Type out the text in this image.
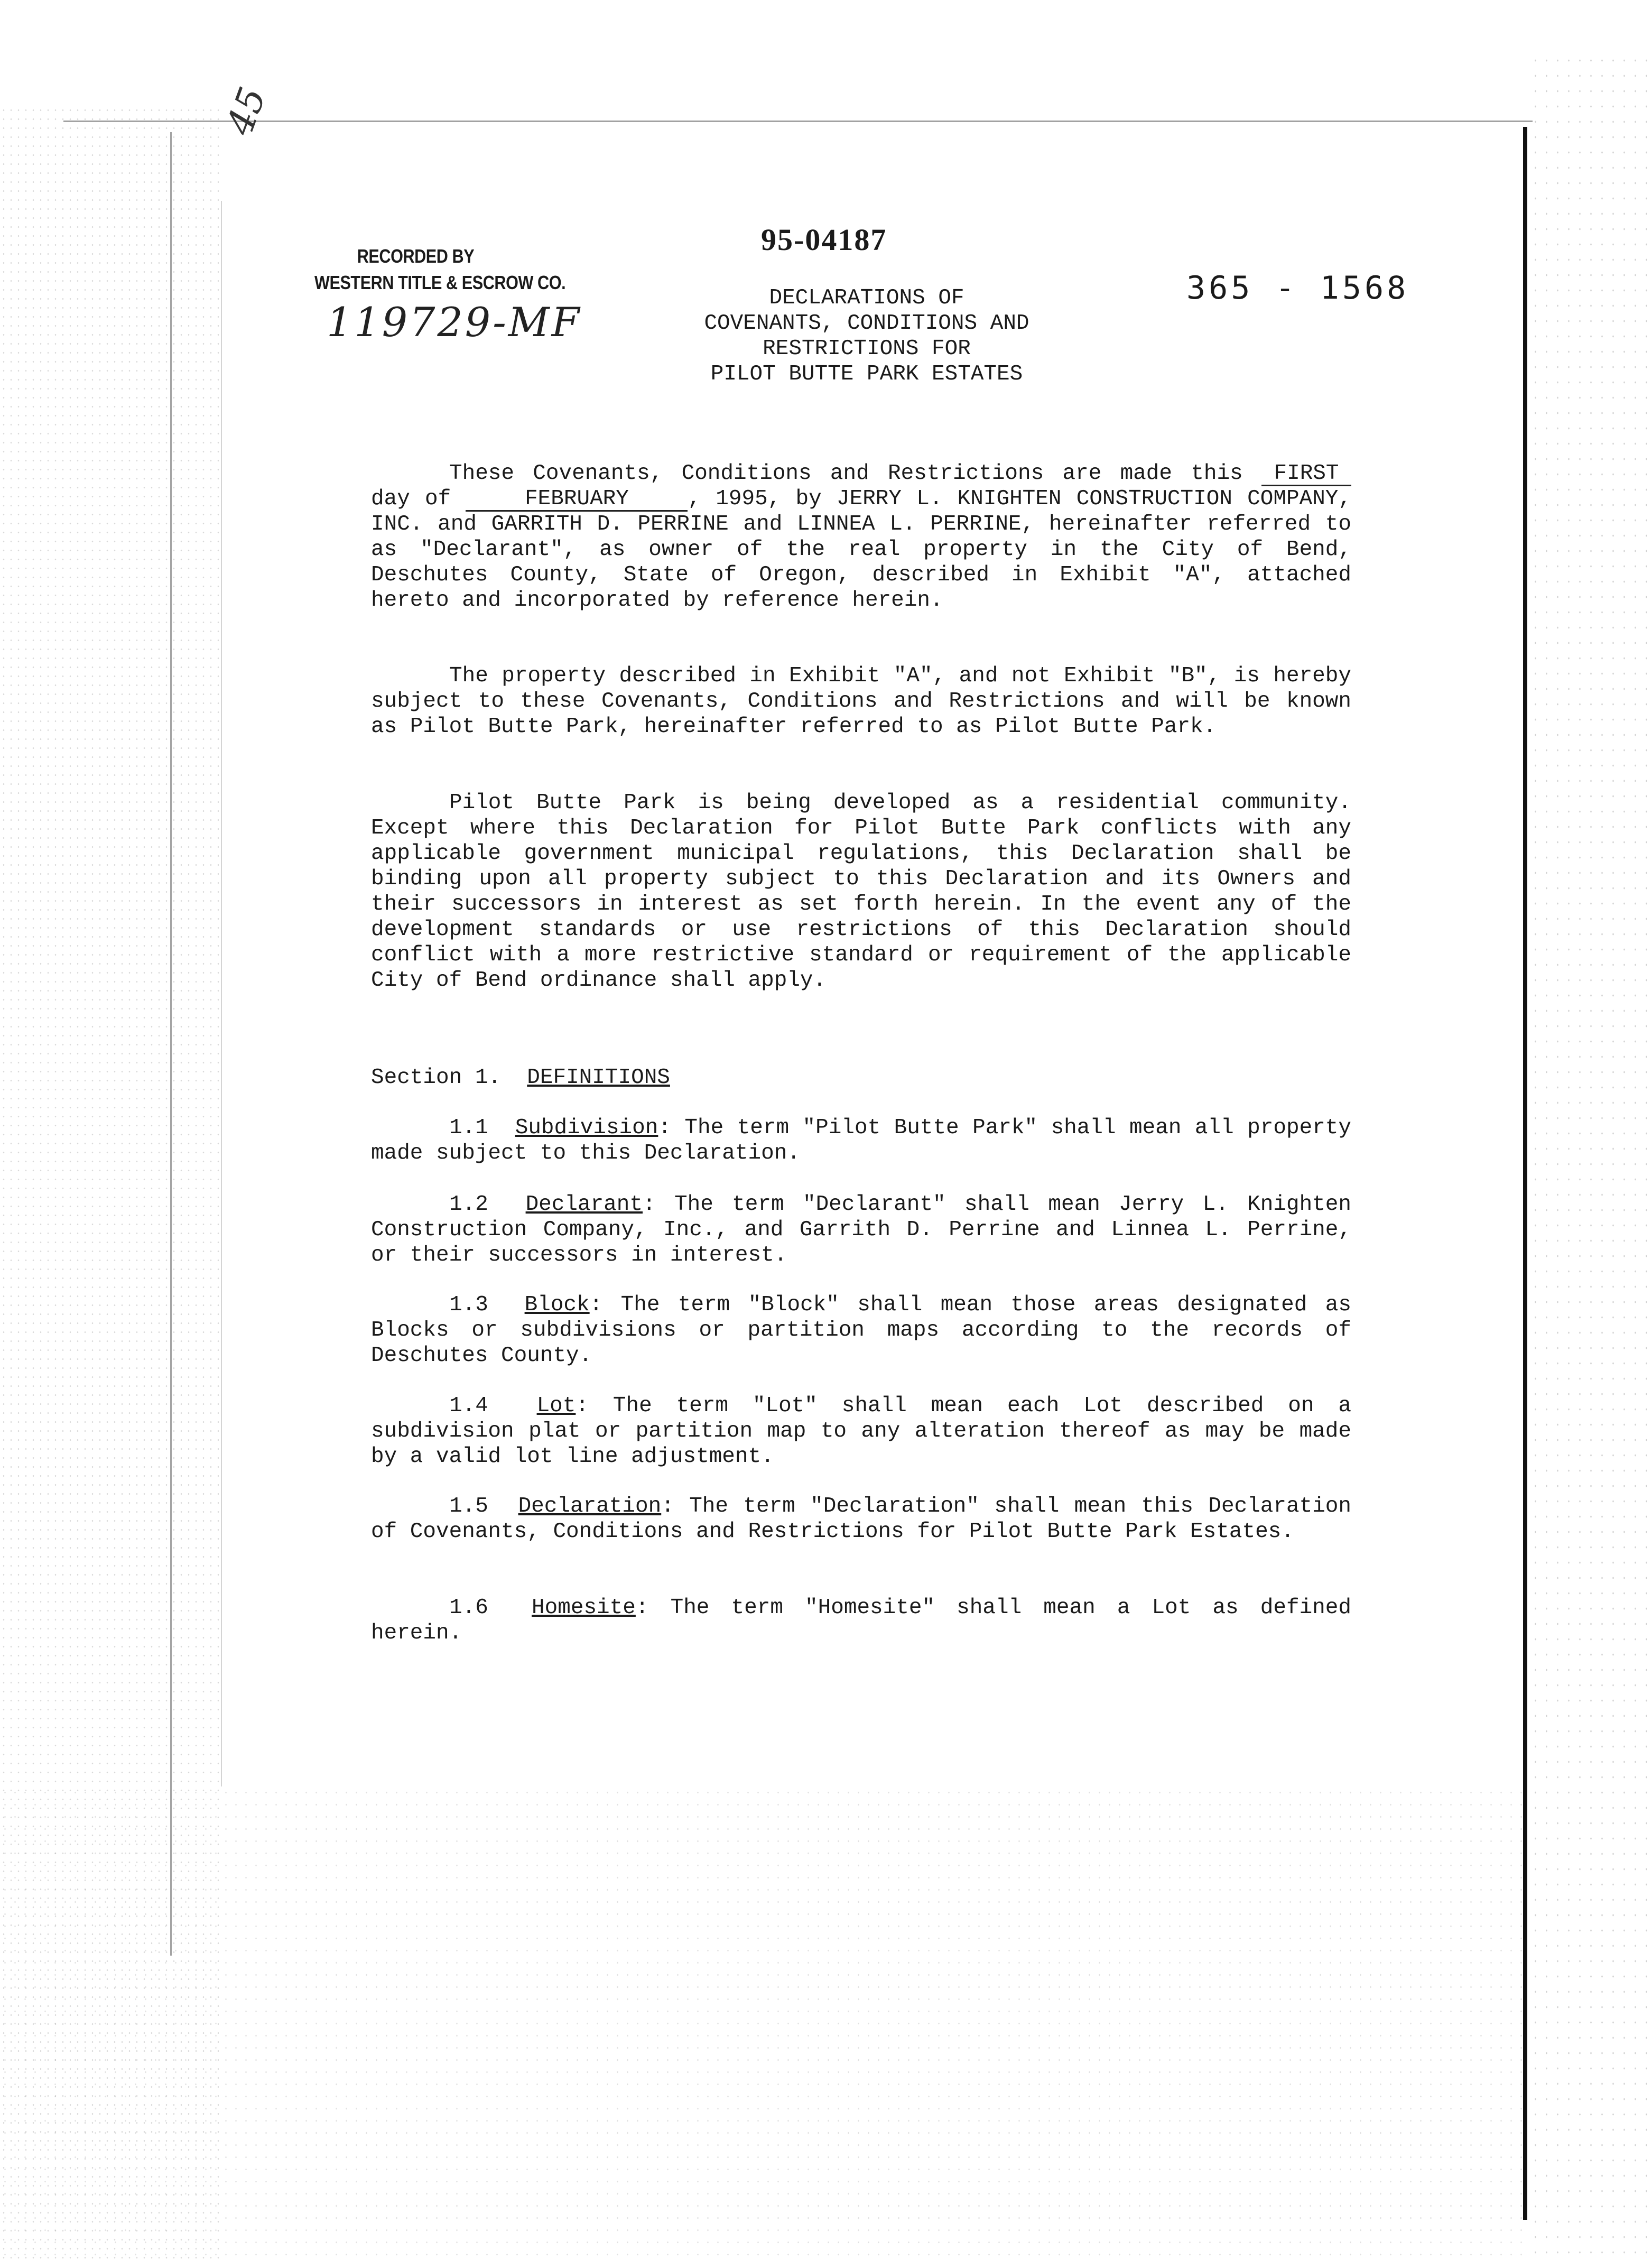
45
RECORDED BY
WESTERN TITLE & ESCROW CO.
119729-MF
95-04187
365 - 1568
DECLARATIONS OF
COVENANTS, CONDITIONS AND
RESTRICTIONS FOR
PILOT BUTTE PARK ESTATES

These Covenants, Conditions and Restrictions are made this FIRST day of	FEBRUARY	, 1995, by JERRY L. KNIGHTEN CONSTRUCTION COMPANY, INC. and GARRITH D. PERRINE and LINNEA L. PERRINE, hereinafter referred to as "Declarant", as owner of the real property in the City of Bend, Deschutes County, State of Oregon, described in Exhibit "A", attached hereto and incorporated by reference herein.

The property described in Exhibit "A", and not Exhibit "B", is hereby subject to these Covenants, Conditions and Restrictions and will be known as Pilot Butte Park, hereinafter referred to as Pilot Butte Park.

Pilot Butte Park is being developed as a residential community. Except where this Declaration for Pilot Butte Park conflicts with any applicable government municipal regulations, this Declaration shall be binding upon all property subject to this Declaration and its Owners and their successors in interest as set forth herein. In the event any of the development standards or use restrictions of this Declaration should conflict with a more restrictive standard or requirement of the applicable City of Bend ordinance shall apply.

Section 1. DEFINITIONS

1.1 Subdivision: The term "Pilot Butte Park" shall mean all property made subject to this Declaration.

1.2 Declarant: The term "Declarant" shall mean Jerry L. Knighten Construction Company, Inc., and Garrith D. Perrine and Linnea L. Perrine, or their successors in interest.

1.3 Block: The term "Block" shall mean those areas designated as Blocks or subdivisions or partition maps according to the records of Deschutes County.

1.4 Lot: The term "Lot" shall mean each Lot described on a subdivision plat or partition map to any alteration thereof as may be made by a valid lot line adjustment.

1.5 Declaration: The term "Declaration" shall mean this Declaration of Covenants, Conditions and Restrictions for Pilot Butte Park Estates.

1.6 Homesite: The term "Homesite" shall mean a Lot as defined herein.
